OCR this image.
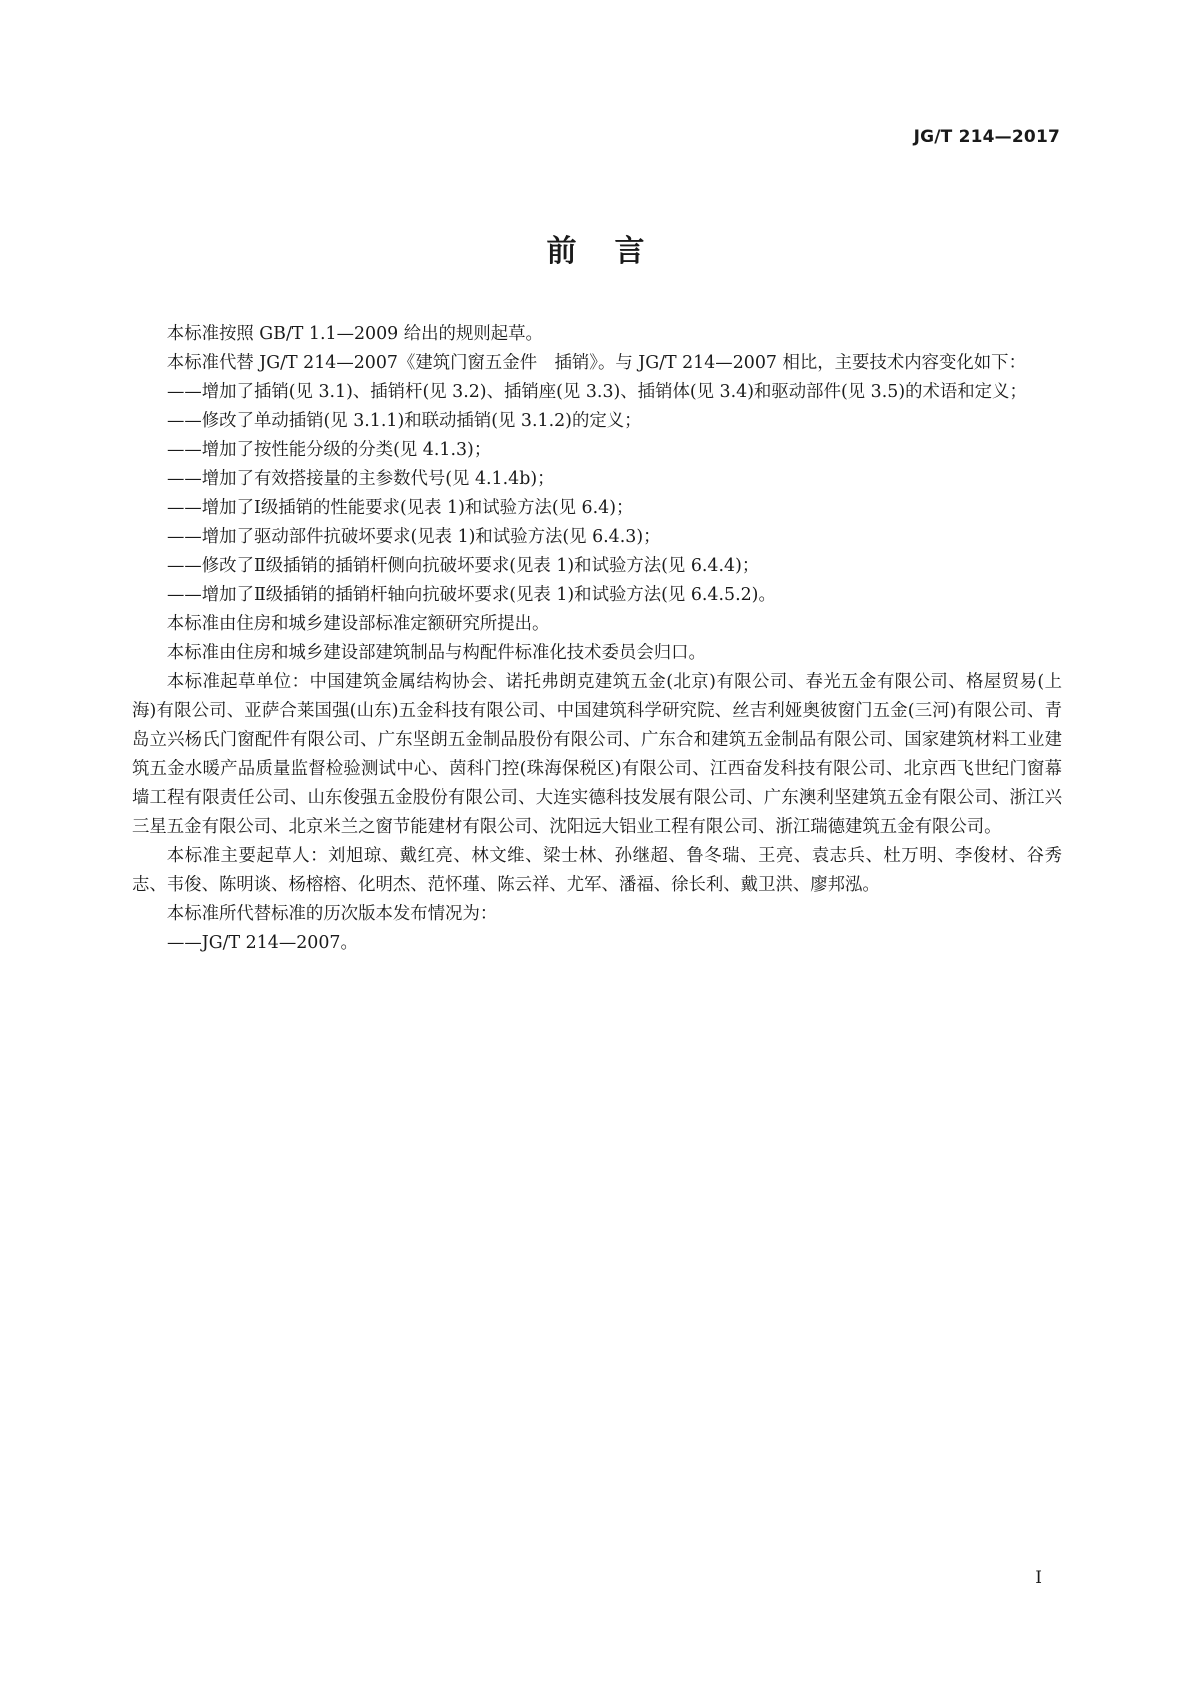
JG/T 214—2017
前言

本标准按照 GB/T 1.1—2009 给出的规则起草。

本标准代替 JG/T 214—2007《建筑门窗五金件　插销》。与 JG/T 214—2007 相比，主要技术内容变化如下：

——增加了插销(见 3.1)、插销杆(见 3.2)、插销座(见 3.3)、插销体(见 3.4)和驱动部件(见 3.5)的术语和定义；
——修改了单动插销(见 3.1.1)和联动插销(见 3.1.2)的定义；
——增加了按性能分级的分类(见 4.1.3)；
——增加了有效搭接量的主参数代号(见 4.1.4b)；
——增加了Ⅰ级插销的性能要求(见表 1)和试验方法(见 6.4)；
——增加了驱动部件抗破坏要求(见表 1)和试验方法(见 6.4.3)；
——修改了Ⅱ级插销的插销杆侧向抗破坏要求(见表 1)和试验方法(见 6.4.4)；
——增加了Ⅱ级插销的插销杆轴向抗破坏要求(见表 1)和试验方法(见 6.4.5.2)。

本标准由住房和城乡建设部标准定额研究所提出。

本标准由住房和城乡建设部建筑制品与构配件标准化技术委员会归口。

本标准起草单位：中国建筑金属结构协会、诺托弗朗克建筑五金(北京)有限公司、春光五金有限公司、格屋贸易(上海)有限公司、亚萨合莱国强(山东)五金科技有限公司、中国建筑科学研究院、丝吉利娅奥彼窗门五金(三河)有限公司、青岛立兴杨氏门窗配件有限公司、广东坚朗五金制品股份有限公司、广东合和建筑五金制品有限公司、国家建筑材料工业建筑五金水暖产品质量监督检验测试中心、茵科门控(珠海保税区)有限公司、江西奋发科技有限公司、北京西飞世纪门窗幕墙工程有限责任公司、山东俊强五金股份有限公司、大连实德科技发展有限公司、广东澳利坚建筑五金有限公司、浙江兴三星五金有限公司、北京米兰之窗节能建材有限公司、沈阳远大铝业工程有限公司、浙江瑞德建筑五金有限公司。

本标准主要起草人：刘旭琼、戴红亮、林文维、梁士林、孙继超、鲁冬瑞、王亮、袁志兵、杜万明、李俊材、谷秀志、韦俊、陈明谈、杨榕榕、化明杰、范怀瑾、陈云祥、尤军、潘福、徐长利、戴卫洪、廖邦泓。

本标准所代替标准的历次版本发布情况为：

——JG/T 214—2007。
I
